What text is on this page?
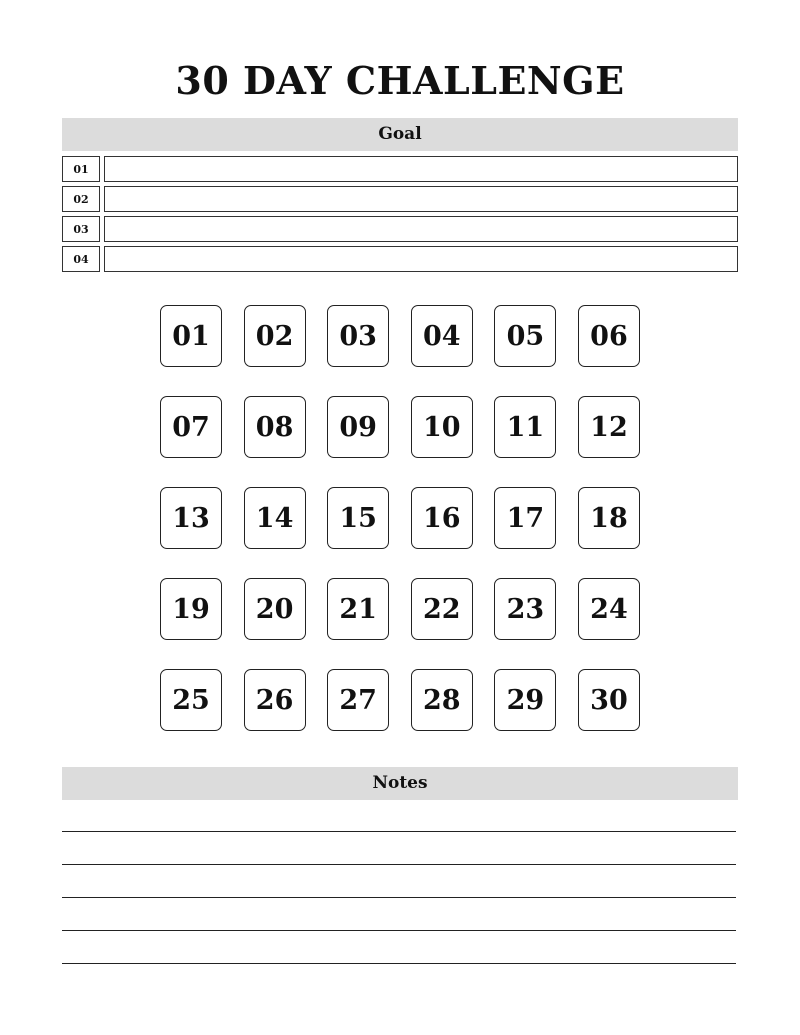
30 DAY CHALLENGE
Goal
01
02
03
04
01	02	03	04	05	06
07	08	09	10	11	12
13	14	15	16	17	18
19	20	21	22	23	24
25	26	27	28	29	30
Notes
